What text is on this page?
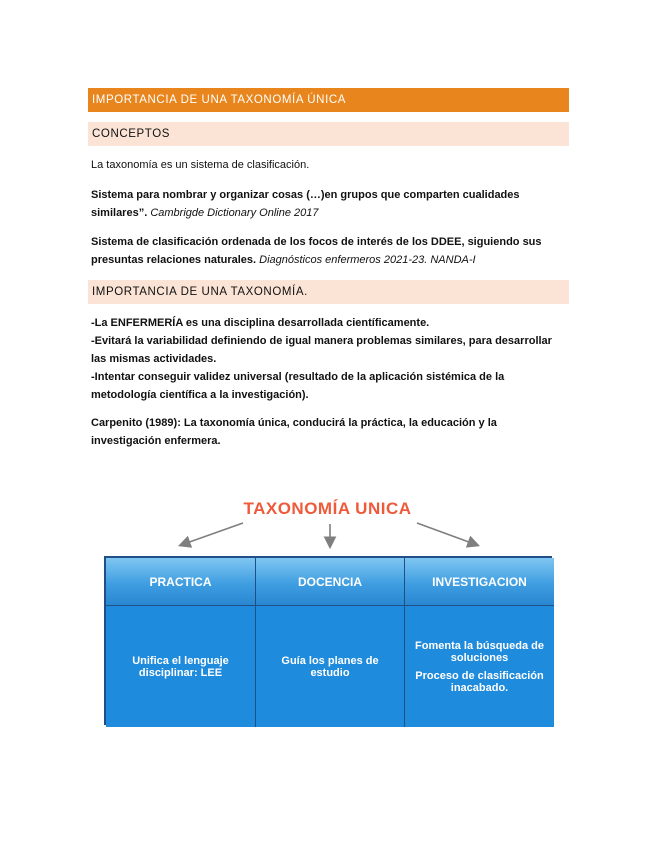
IMPORTANCIA DE UNA TAXONOMÍA ÚNICA
CONCEPTOS
La taxonomía es un sistema de clasificación.
Sistema para nombrar y organizar cosas (…)en grupos que comparten cualidades similares”. Cambrigde Dictionary Online 2017
Sistema de clasificación ordenada de los focos de interés de los DDEE, siguiendo sus presuntas relaciones naturales. Diagnósticos enfermeros 2021-23. NANDA-I
IMPORTANCIA DE UNA TAXONOMÍA.
-La ENFERMERÍA es una disciplina desarrollada científicamente.
-Evitará la variabilidad definiendo de igual manera problemas similares, para desarrollar las mismas actividades.
-Intentar conseguir validez universal (resultado de la aplicación sistémica de la metodología científica a la investigación).
Carpenito (1989): La taxonomía única, conducirá la práctica, la educación y la investigación enfermera.
TAXONOMÍA UNICA
PRACTICA	DOCENCIA	INVESTIGACION
Unifica el lenguaje disciplinar: LEE
Guía los planes de estudio
Fomenta la búsqueda de soluciones
Proceso de clasificación inacabado.
